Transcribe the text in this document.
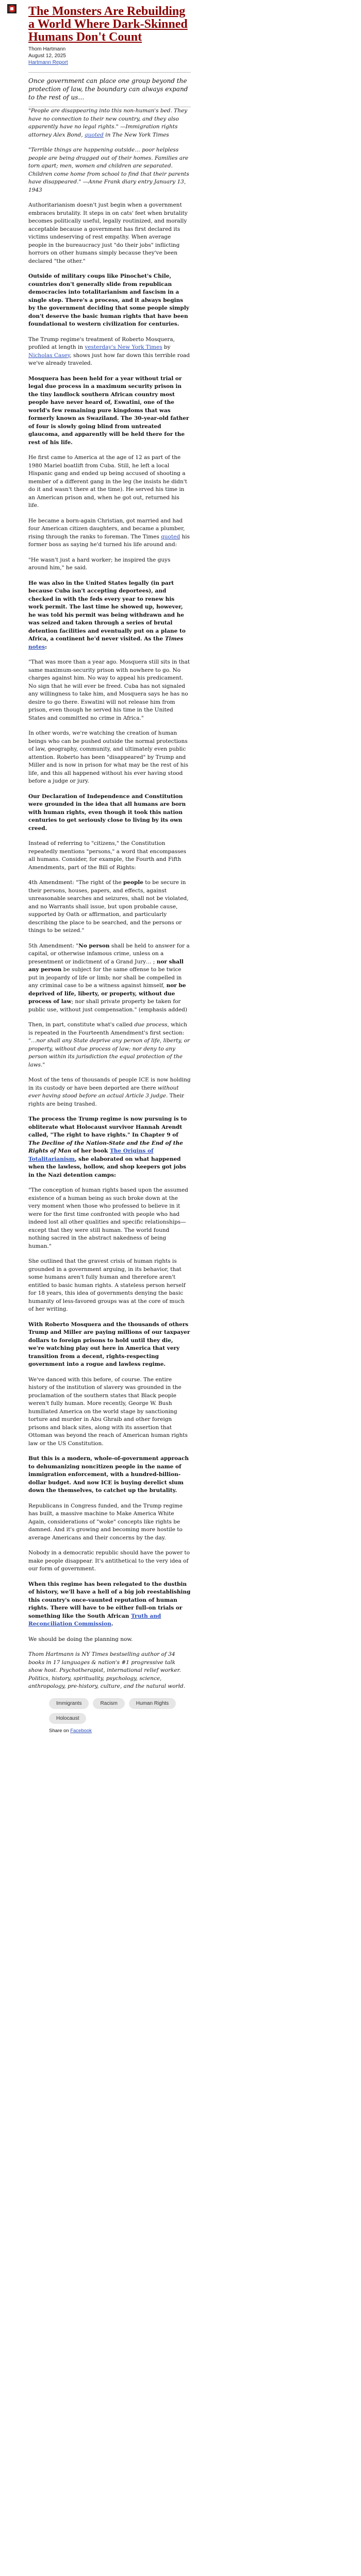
The Monsters Are Rebuilding a World Where Dark-Skinned Humans Don't Count
Thom Hartmann
August 12, 2025
Hartmann Report
Once government can place one group beyond the protection of law, the boundary can always expand to the rest of us…

"People are disappearing into this non-human's bed. They have no connection to their new country, and they also apparently have no legal rights." —Immigration rights attorney Alex Bond, quoted in The New York Times

"Terrible things are happening outside… poor helpless people are being dragged out of their homes. Families are torn apart; men, women and children are separated. Children come home from school to find that their parents have disappeared." —Anne Frank diary entry January 13, 1943

Authoritarianism doesn't just begin when a government embraces brutality. It steps in on cats' feet when brutality becomes politically useful, legally routinized, and morally acceptable because a government has first declared its victims undeserving of rest empathy. When average people in the bureaucracy just "do their jobs" inflicting horrors on other humans simply because they've been declared "the other."

Outside of military coups like Pinochet's Chile, countries don't generally slide from republican democracies into totalitarianism and fascism in a single step. There's a process, and it always begins by the government deciding that some people simply don't deserve the basic human rights that have been foundational to western civilization for centuries.

The Trump regime's treatment of Roberto Mosquera, profiled at length in yesterday's New York Times by Nicholas Casey, shows just how far down this terrible road we've already traveled.

Mosquera has been held for a year without trial or legal due process in a maximum security prison in the tiny landlock southern African country most people have never heard of, Eswatini, one of the world's few remaining pure kingdoms that was formerly known as Swaziland. The 30-year-old father of four is slowly going blind from untreated glaucoma, and apparently will be held there for the rest of his life.

He first came to America at the age of 12 as part of the 1980 Mariel boatlift from Cuba. Still, he left a local Hispanic gang and ended up being accused of shooting a member of a different gang in the leg (he insists he didn't do it and wasn't there at the time). He served his time in an American prison and, when he got out, returned his life.

He became a born-again Christian, got married and had four American citizen daughters, and became a plumber, rising through the ranks to foreman. The Times quoted his former boss as saying he'd turned his life around and:

"He wasn't just a hard worker; he inspired the guys around him," he said.

He was also in the United States legally (in part because Cuba isn't accepting deportees), and checked in with the feds every year to renew his work permit. The last time he showed up, however, he was told his permit was being withdrawn and he was seized and taken through a series of brutal detention facilities and eventually put on a plane to Africa, a continent he'd never visited. As the Times notes:

"That was more than a year ago. Mosquera still sits in that same maximum-security prison with nowhere to go. No charges against him. No way to appeal his predicament. No sign that he will ever be freed. Cuba has not signaled any willingness to take him, and Mosquera says he has no desire to go there. Eswatini will not release him from prison, even though he served his time in the United States and committed no crime in Africa."

In other words, we're watching the creation of human beings who can be pushed outside the normal protections of law, geography, community, and ultimately even public attention. Roberto has been "disappeared" by Trump and Miller and is now in prison for what may be the rest of his life, and this all happened without his ever having stood before a judge or jury.

Our Declaration of Independence and Constitution were grounded in the idea that all humans are born with human rights, even though it took this nation centuries to get seriously close to living by its own creed.

Instead of referring to "citizens," the Constitution repeatedly mentions "persons," a word that encompasses all humans. Consider, for example, the Fourth and Fifth Amendments, part of the Bill of Rights:

4th Amendment: "The right of the people to be secure in their persons, houses, papers, and effects, against unreasonable searches and seizures, shall not be violated, and no Warrants shall issue, but upon probable cause, supported by Oath or affirmation, and particularly describing the place to be searched, and the persons or things to be seized."

5th Amendment: "No person shall be held to answer for a capital, or otherwise infamous crime, unless on a presentment or indictment of a Grand Jury… ; nor shall any person be subject for the same offense to be twice put in jeopardy of life or limb; nor shall be compelled in any criminal case to be a witness against himself, nor be deprived of life, liberty, or property, without due process of law; nor shall private property be taken for public use, without just compensation." (emphasis added)

Then, in part, constitute what's called due process, which is repeated in the Fourteenth Amendment's first section: "…nor shall any State deprive any person of life, liberty, or property, without due process of law; nor deny to any person within its jurisdiction the equal protection of the laws."

Most of the tens of thousands of people ICE is now holding in its custody or have been deported are there without ever having stood before an actual Article 3 judge. Their rights are being trashed.

The process the Trump regime is now pursuing is to obliterate what Holocaust survivor Hannah Arendt called, "The right to have rights." In Chapter 9 of The Decline of the Nation-State and the End of the Rights of Man of her book The Origins of Totalitarianism, she elaborated on what happened when the lawless, hollow, and shop keepers got jobs in the Nazi detention camps:

"The conception of human rights based upon the assumed existence of a human being as such broke down at the very moment when those who professed to believe in it were for the first time confronted with people who had indeed lost all other qualities and specific relationships—except that they were still human. The world found nothing sacred in the abstract nakedness of being human."

She outlined that the gravest crisis of human rights is grounded in a government arguing, in its behavior, that some humans aren't fully human and therefore aren't entitled to basic human rights. A stateless person herself for 18 years, this idea of governments denying the basic humanity of less-favored groups was at the core of much of her writing.

With Roberto Mosquera and the thousands of others Trump and Miller are paying millions of our taxpayer dollars to foreign prisons to hold until they die, we're watching play out here in America that very transition from a decent, rights-respecting government into a rogue and lawless regime.

We've danced with this before, of course. The entire history of the institution of slavery was grounded in the proclamation of the southern states that Black people weren't fully human. More recently, George W. Bush humiliated America on the world stage by sanctioning torture and murder in Abu Ghraib and other foreign prisons and black sites, along with its assertion that Ottoman was beyond the reach of American human rights law or the US Constitution.

But this is a modern, whole-of-government approach to dehumanizing noncitizen people in the name of immigration enforcement, with a hundred-billion-dollar budget. And now ICE is buying derelict slum down the themselves, to catchet up the brutality.

Republicans in Congress funded, and the Trump regime has built, a massive machine to Make America White Again, considerations of "woke" concepts like rights be damned. And it's growing and becoming more hostile to average Americans and their concerns by the day.

Nobody in a democratic republic should have the power to make people disappear. It's antithetical to the very idea of our form of government.

When this regime has been relegated to the dustbin of history, we'll have a hell of a big job reestablishing this country's once-vaunted reputation of human rights. There will have to be either full-on trials or something like the South African Truth and Reconciliation Commission.

We should be doing the planning now.

Thom Hartmann is NY Times bestselling author of 34 books in 17 languages & nation's #1 progressive talk show host. Psychotherapist, international relief worker. Politics, history, spirituality, psychology, science, anthropology, pre-history, culture, and the natural world.

Immigrants	Racism	Human Rights
Holocaust
Share on Facebook
